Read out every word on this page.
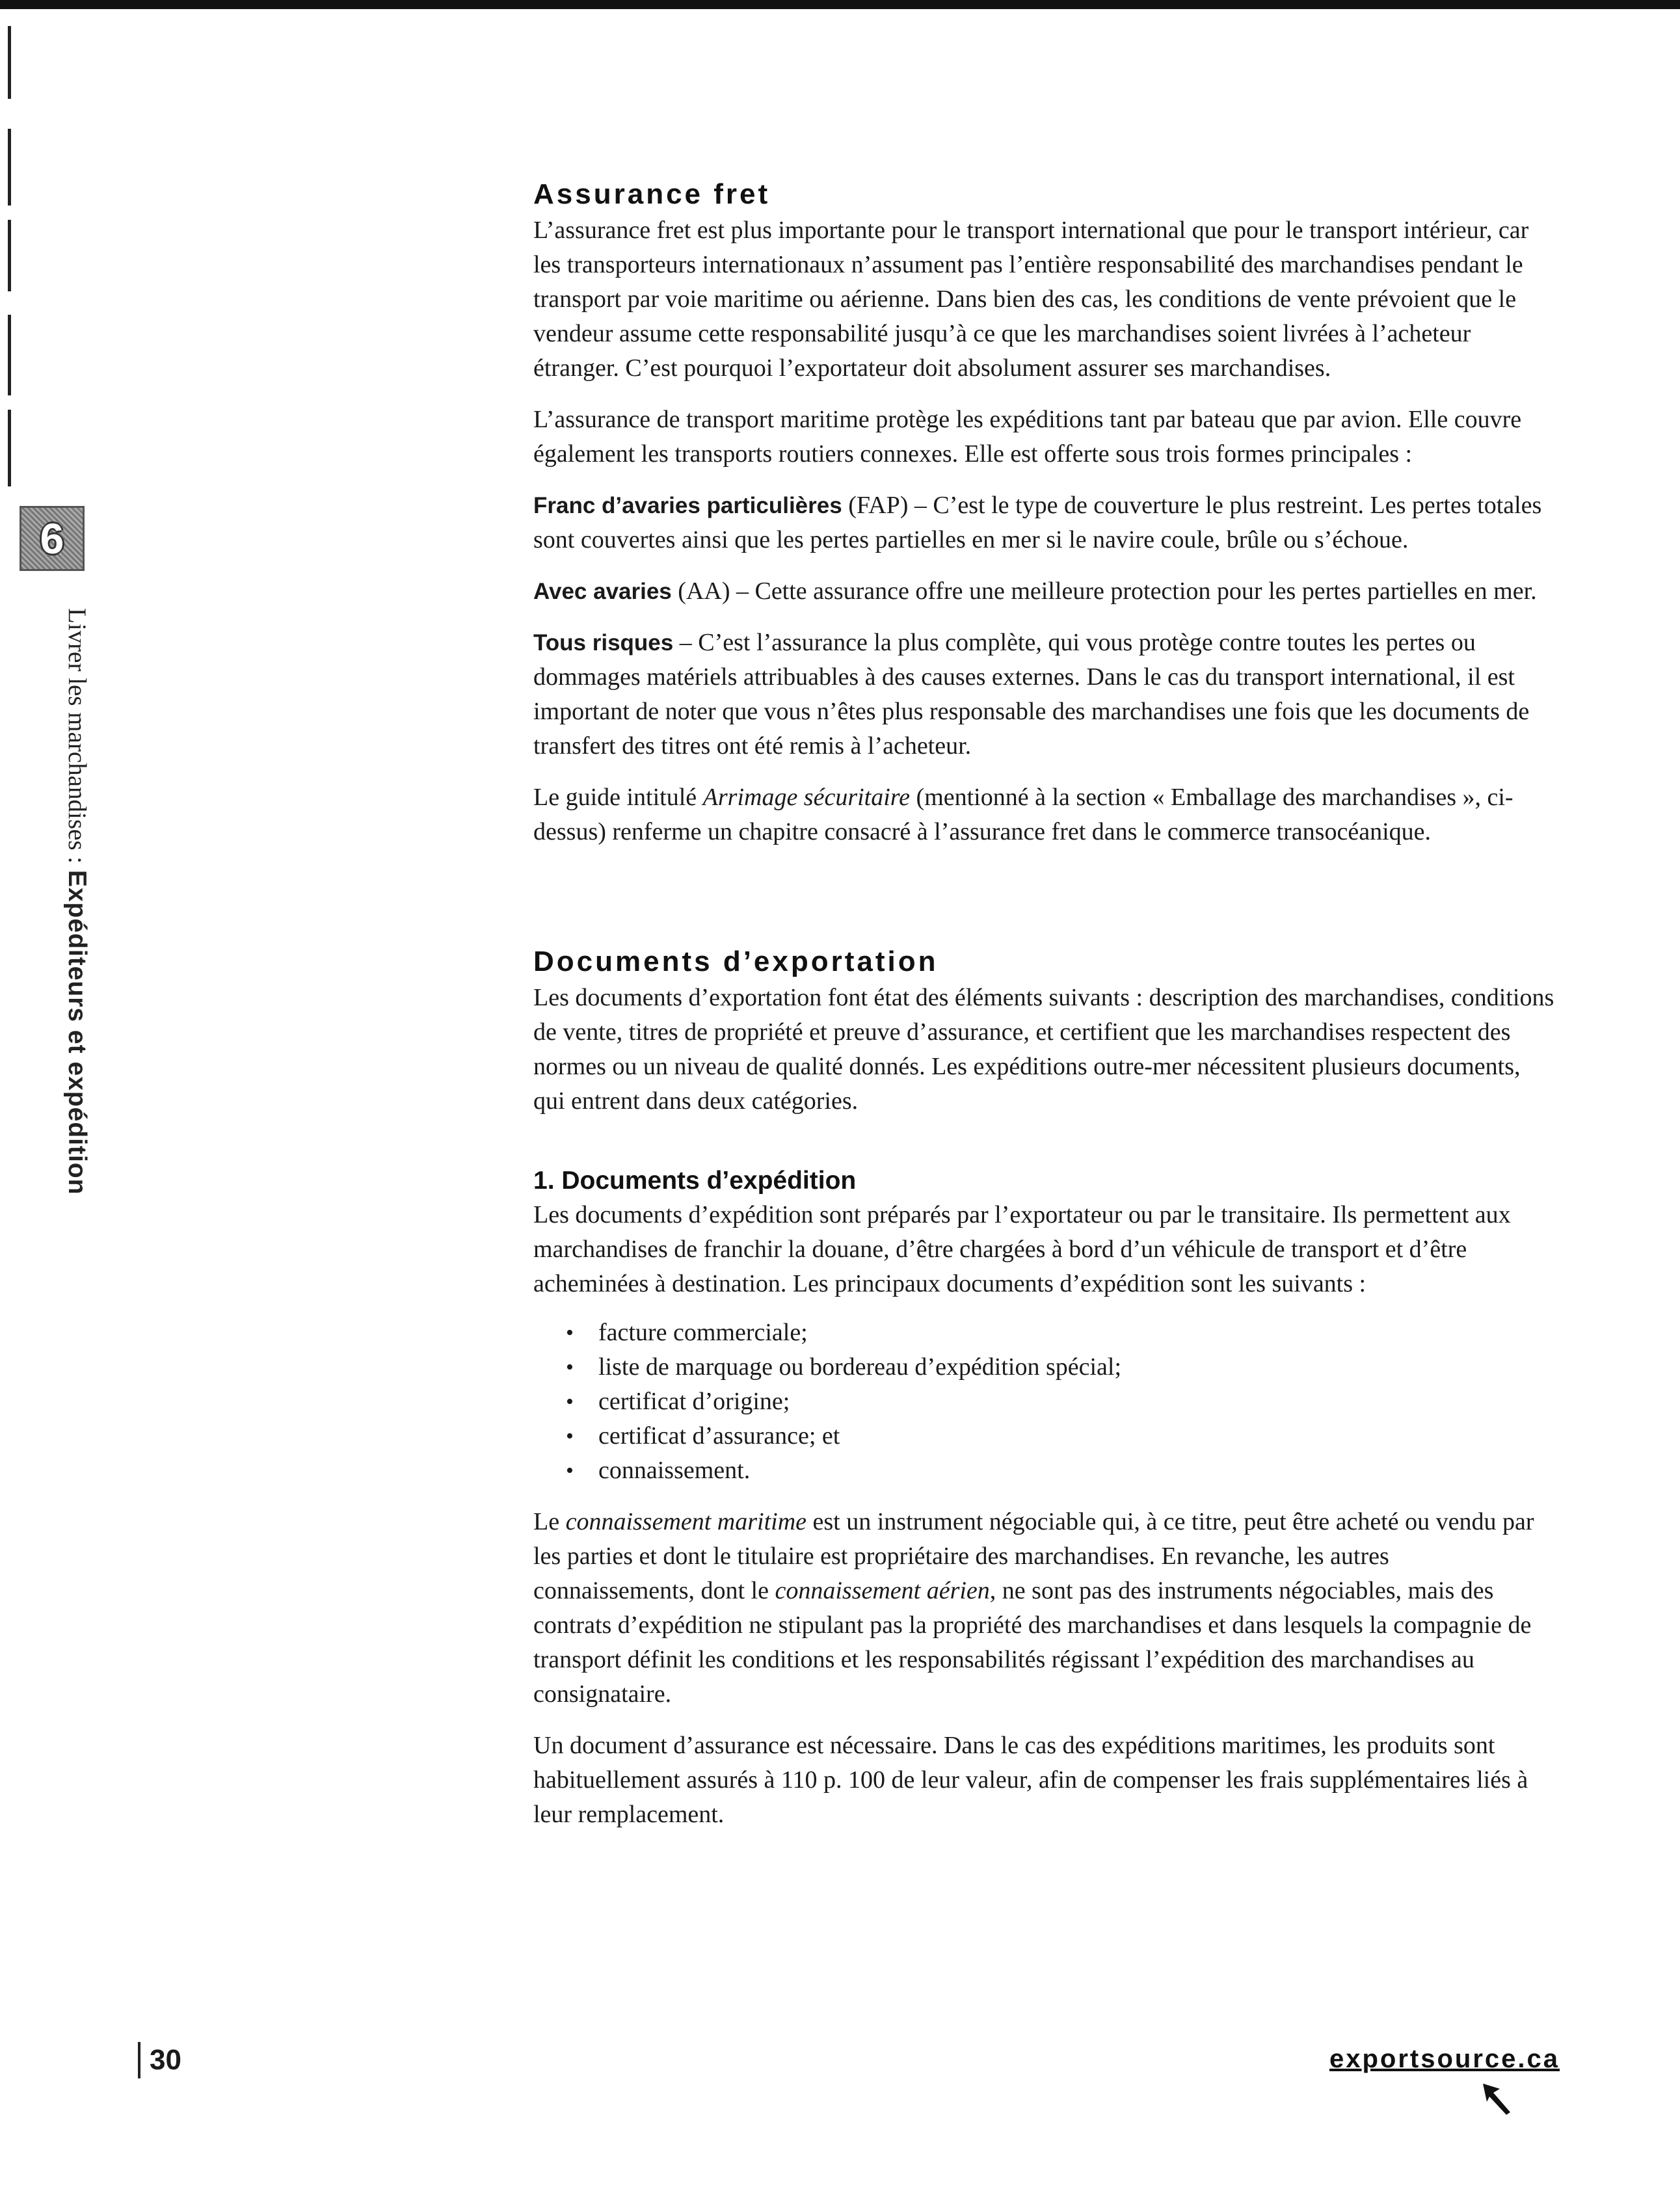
6
Livrer les marchandises : Expéditeurs et expédition
Assurance fret

L’assurance fret est plus importante pour le transport international que pour le transport intérieur, car les transporteurs internationaux n’assument pas l’entière responsabilité des marchandises pendant le transport par voie maritime ou aérienne. Dans bien des cas, les conditions de vente prévoient que le vendeur assume cette responsabilité jusqu’à ce que les marchandises soient livrées à l’acheteur étranger. C’est pourquoi l’exportateur doit absolument assurer ses marchandises.

L’assurance de transport maritime protège les expéditions tant par bateau que par avion. Elle couvre également les transports routiers connexes. Elle est offerte sous trois formes principales :

Franc d’avaries particulières (FAP) – C’est le type de couverture le plus restreint. Les pertes totales sont couvertes ainsi que les pertes partielles en mer si le navire coule, brûle ou s’échoue.

Avec avaries (AA) – Cette assurance offre une meilleure protection pour les pertes partielles en mer.

Tous risques – C’est l’assurance la plus complète, qui vous protège contre toutes les pertes ou dommages matériels attribuables à des causes externes. Dans le cas du transport international, il est important de noter que vous n’êtes plus responsable des marchandises une fois que les documents de transfert des titres ont été remis à l’acheteur.

Le guide intitulé Arrimage sécuritaire (mentionné à la section « Emballage des marchandises », ci-dessus) renferme un chapitre consacré à l’assurance fret dans le commerce transocéanique.

Documents d’exportation

Les documents d’exportation font état des éléments suivants : description des marchandises, conditions de vente, titres de propriété et preuve d’assurance, et certifient que les marchandises respectent des normes ou un niveau de qualité donnés. Les expéditions outre-mer nécessitent plusieurs documents, qui entrent dans deux catégories.

1. Documents d’expédition

Les documents d’expédition sont préparés par l’exportateur ou par le transitaire. Ils permettent aux marchandises de franchir la douane, d’être chargées à bord d’un véhicule de transport et d’être acheminées à destination. Les principaux documents d’expédition sont les suivants :

• facture commerciale;
• liste de marquage ou bordereau d’expédition spécial;
• certificat d’origine;
• certificat d’assurance; et
• connaissement.

Le connaissement maritime est un instrument négociable qui, à ce titre, peut être acheté ou vendu par les parties et dont le titulaire est propriétaire des marchandises. En revanche, les autres connaissements, dont le connaissement aérien, ne sont pas des instruments négociables, mais des contrats d’expédition ne stipulant pas la propriété des marchandises et dans lesquels la compagnie de transport définit les conditions et les responsabilités régissant l’expédition des marchandises au consignataire.

Un document d’assurance est nécessaire. Dans le cas des expéditions maritimes, les produits sont habituellement assurés à 110 p. 100 de leur valeur, afin de compenser les frais supplémentaires liés à leur remplacement.

30	exportsource.ca
